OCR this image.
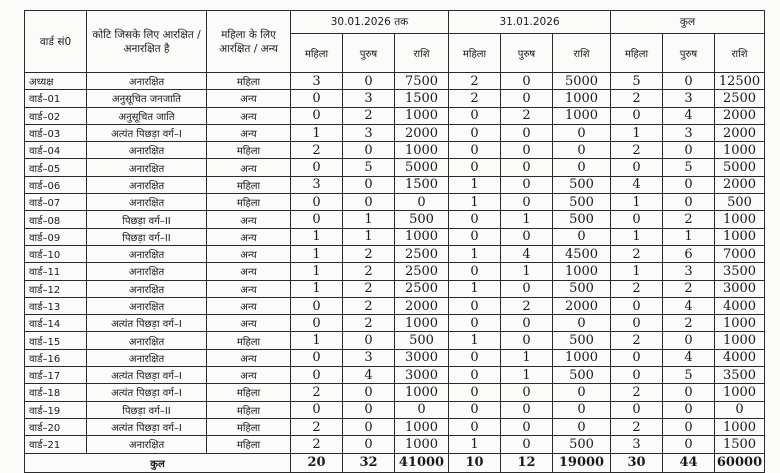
वार्ड सं0	कोटि जिसके लिए आरक्षित / अनारक्षित है	महिला के लिए आरक्षित / अन्य	30.01.2026 तक			31.01.2026			कुल		
			महिला	पुरुष	राशि	महिला	पुरुष	राशि	महिला	पुरुष	राशि
अध्यक्ष	अनारक्षित	महिला	3	0	7500	2	0	5000	5	0	12500
वार्ड–01	अनुसूचित जनजाति	अन्य	0	3	1500	2	0	1000	2	3	2500
वार्ड–02	अनुसूचित जाति	अन्य	0	2	1000	0	2	1000	0	4	2000
वार्ड–03	अत्यंत पिछड़ा वर्ग–I	अन्य	1	3	2000	0	0	0	1	3	2000
वार्ड–04	अनारक्षित	महिला	2	0	1000	0	0	0	2	0	1000
वार्ड–05	अनारक्षित	अन्य	0	5	5000	0	0	0	0	5	5000
वार्ड–06	अनारक्षित	महिला	3	0	1500	1	0	500	4	0	2000
वार्ड–07	अनारक्षित	महिला	0	0	0	1	0	500	1	0	500
वार्ड–08	पिछड़ा वर्ग–II	अन्य	0	1	500	0	1	500	0	2	1000
वार्ड–09	पिछड़ा वर्ग–II	अन्य	1	1	1000	0	0	0	1	1	1000
वार्ड–10	अनारक्षित	अन्य	1	2	2500	1	4	4500	2	6	7000
वार्ड–11	अनारक्षित	अन्य	1	2	2500	0	1	1000	1	3	3500
वार्ड–12	अनारक्षित	अन्य	1	2	2500	1	0	500	2	2	3000
वार्ड–13	अनारक्षित	अन्य	0	2	2000	0	2	2000	0	4	4000
वार्ड–14	अत्यंत पिछड़ा वर्ग–I	अन्य	0	2	1000	0	0	0	0	2	1000
वार्ड–15	अनारक्षित	महिला	1	0	500	1	0	500	2	0	1000
वार्ड–16	अनारक्षित	अन्य	0	3	3000	0	1	1000	0	4	4000
वार्ड–17	अत्यंत पिछड़ा वर्ग–I	अन्य	0	4	3000	0	1	500	0	5	3500
वार्ड–18	अत्यंत पिछड़ा वर्ग–I	महिला	2	0	1000	0	0	0	2	0	1000
वार्ड–19	पिछड़ा वर्ग–II	महिला	0	0	0	0	0	0	0	0	0
वार्ड–20	अत्यंत पिछड़ा वर्ग–I	महिला	2	0	1000	0	0	0	2	0	1000
वार्ड–21	अनारक्षित	महिला	2	0	1000	1	0	500	3	0	1500
कुल			20	32	41000	10	12	19000	30	44	60000
